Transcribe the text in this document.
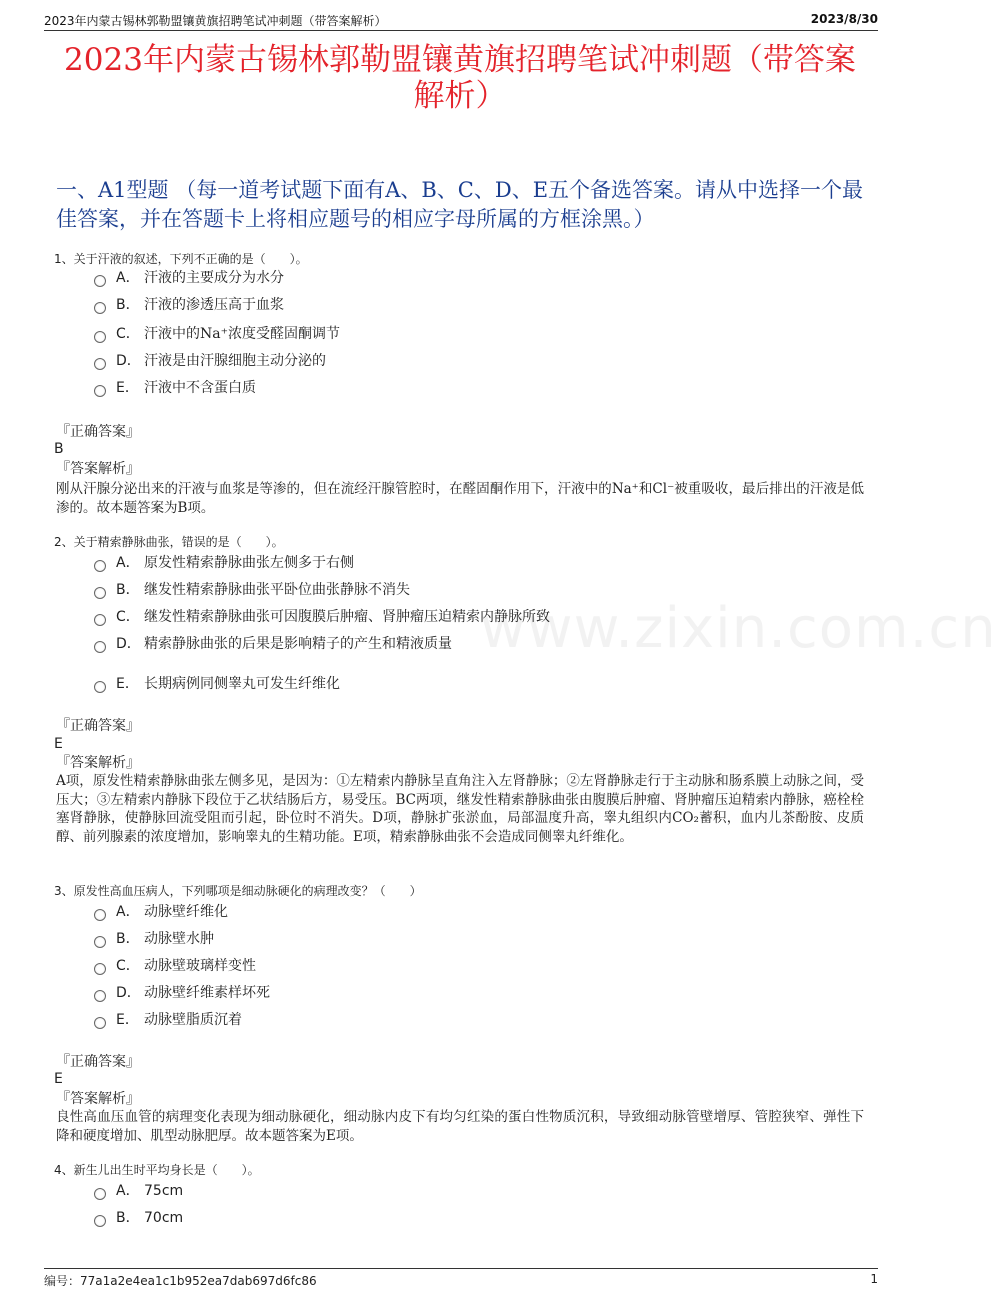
2023年内蒙古锡林郭勒盟镶黄旗招聘笔试冲刺题（带答案解析）	2023/8/30
2023年内蒙古锡林郭勒盟镶黄旗招聘笔试冲刺题（带答案解析）
一、A1型题 （每一道考试题下面有A、B、C、D、E五个备选答案。请从中选择一个最佳答案，并在答题卡上将相应题号的相应字母所属的方框涂黑。）
www.zixin.com.cn
1、关于汗液的叙述，下列不正确的是（　　）。
A． 汗液的主要成分为水分
B． 汗液的渗透压高于血浆
C． 汗液中的Na⁺浓度受醛固酮调节
D． 汗液是由汗腺细胞主动分泌的
E． 汗液中不含蛋白质
『正确答案』
B
『答案解析』
刚从汗腺分泌出来的汗液与血浆是等渗的，但在流经汗腺管腔时，在醛固酮作用下，汗液中的Na⁺和Cl⁻被重吸收，最后排出的汗液是低渗的。故本题答案为B项。
2、关于精索静脉曲张，错误的是（　　）。
A． 原发性精索静脉曲张左侧多于右侧
B． 继发性精索静脉曲张平卧位曲张静脉不消失
C． 继发性精索静脉曲张可因腹膜后肿瘤、肾肿瘤压迫精索内静脉所致
D． 精索静脉曲张的后果是影响精子的产生和精液质量
E． 长期病例同侧睾丸可发生纤维化
『正确答案』
E
『答案解析』
A项，原发性精索静脉曲张左侧多见，是因为：①左精索内静脉呈直角注入左肾静脉；②左肾静脉走行于主动脉和肠系膜上动脉之间，受压大；③左精索内静脉下段位于乙状结肠后方，易受压。BC两项，继发性精索静脉曲张由腹膜后肿瘤、肾肿瘤压迫精索内静脉，癌栓栓塞肾静脉，使静脉回流受阻而引起，卧位时不消失。D项，静脉扩张淤血，局部温度升高，睾丸组织内CO₂蓄积，血内儿茶酚胺、皮质醇、前列腺素的浓度增加，影响睾丸的生精功能。E项，精索静脉曲张不会造成同侧睾丸纤维化。
3、原发性高血压病人，下列哪项是细动脉硬化的病理改变？（　　）
A． 动脉壁纤维化
B． 动脉壁水肿
C． 动脉壁玻璃样变性
D． 动脉壁纤维素样坏死
E． 动脉壁脂质沉着
『正确答案』
E
『答案解析』
良性高血压血管的病理变化表现为细动脉硬化，细动脉内皮下有均匀红染的蛋白性物质沉积，导致细动脉管壁增厚、管腔狭窄、弹性下降和硬度增加、肌型动脉肥厚。故本题答案为E项。
4、新生儿出生时平均身长是（　　）。
A． 75cm
B． 70cm
编号：77a1a2e4ea1c1b952ea7dab697d6fc86	1
